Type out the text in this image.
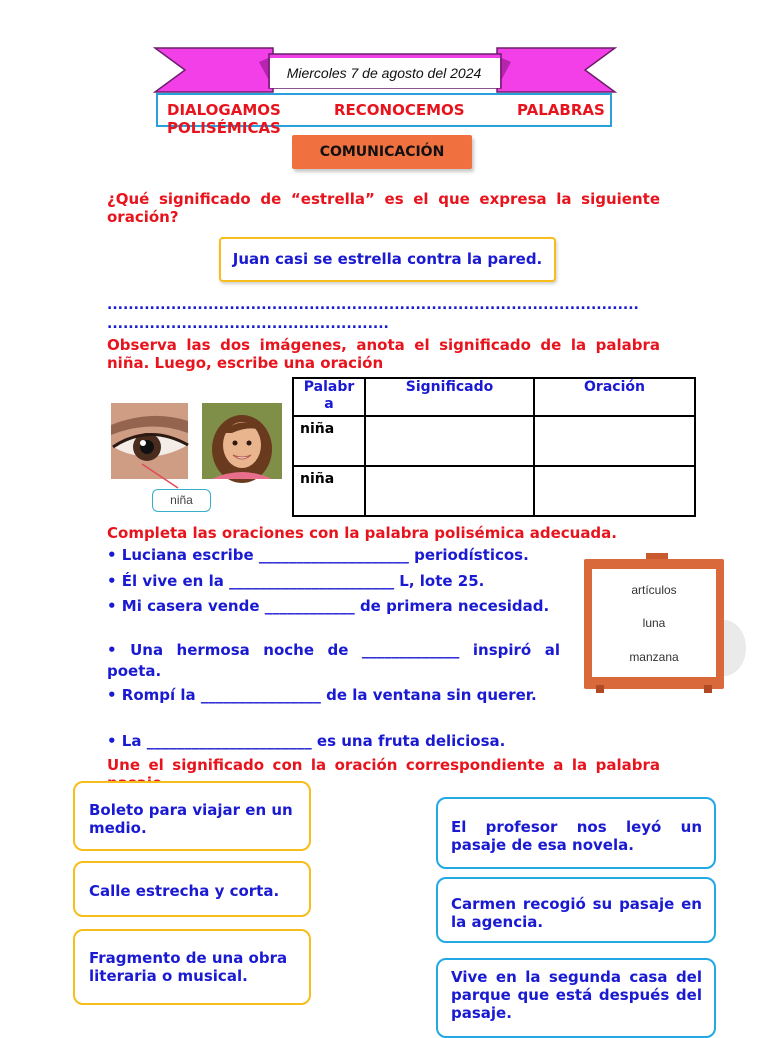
Miercoles 7 de agosto del 2024
DIALOGAMOS	RECONOCEMOS	PALABRAS
POLISÉMICAS
COMUNICACIÓN
¿Qué significado de “estrella” es el que expresa la siguiente oración?
Juan casi se estrella contra la pared.
....................................................................................................
.....................................................
Observa las dos imágenes, anota el significado de la palabra niña. Luego, escribe una oración
niña
Palabra	Significado	Oración
niña		
niña		
Completa las oraciones con la palabra polisémica adecuada.
• Luciana escribe ____________________ periodísticos.
• Él vive en la ______________________ L, lote 25.
• Mi casera vende ____________ de primera necesidad.
• Una hermosa noche de _____________ inspiró al poeta.
• Rompí la ________________ de la ventana sin querer.
• La ______________________ es una fruta deliciosa.
artículos
luna
manzana
Une el significado con la oración correspondiente a la palabra
Boleto para viajar en un medio.
Calle estrecha y corta.
Fragmento de una obra literaria o musical.
El profesor nos leyó un pasaje de esa novela.
Carmen recogió su pasaje en la agencia.
Vive en la segunda casa del parque que está después del pasaje.
